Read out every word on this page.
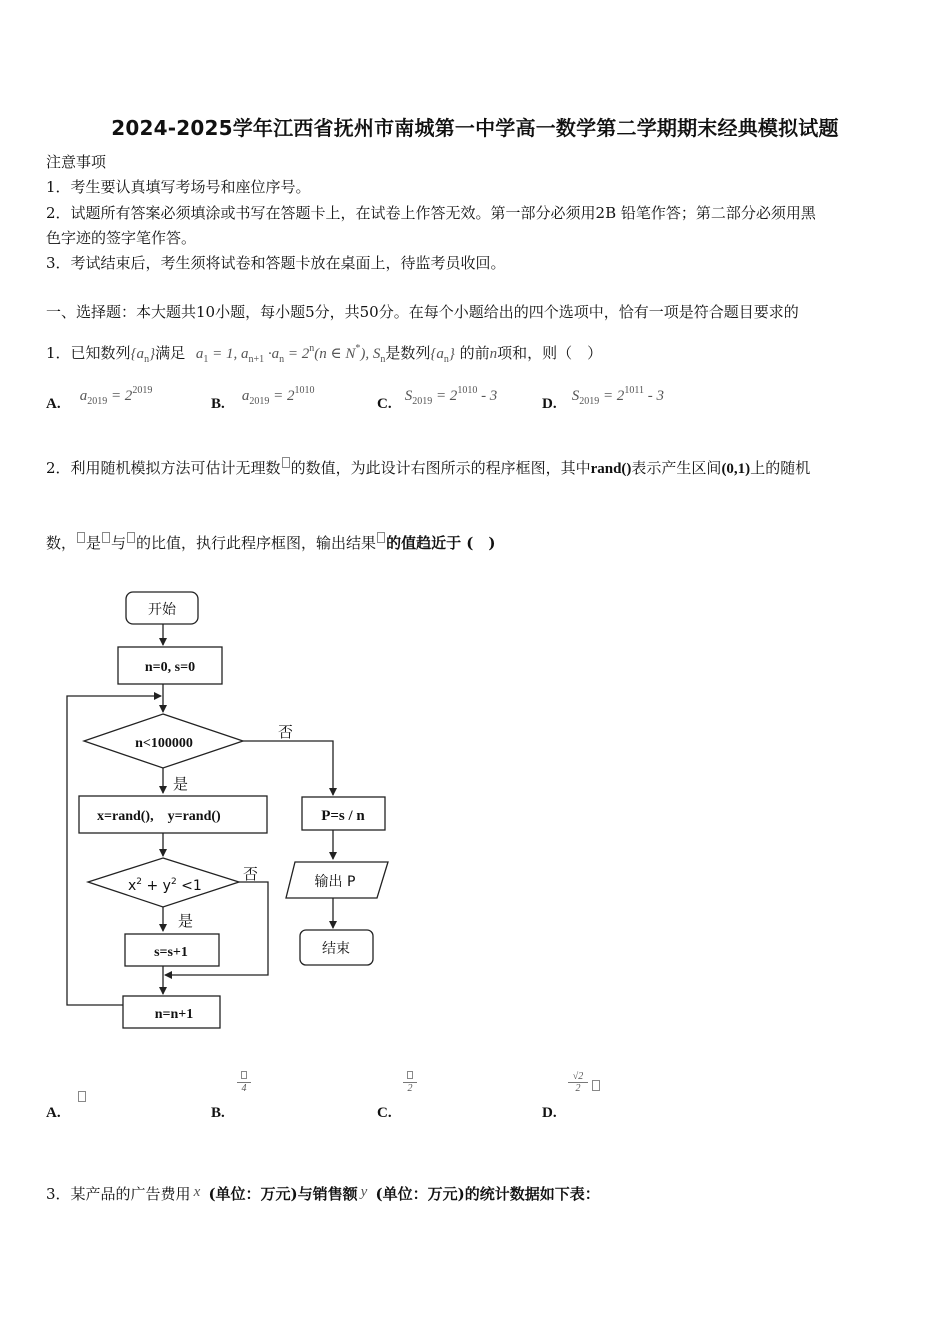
2024-2025学年江西省抚州市南城第一中学高一数学第二学期期末经典模拟试题
注意事项
1．考生要认真填写考场号和座位序号。
2．试题所有答案必须填涂或书写在答题卡上，在试卷上作答无效。第一部分必须用2B 铅笔作答；第二部分必须用黑
色字迹的签字笔作答。
3．考试结束后，考生须将试卷和答题卡放在桌面上，待监考员收回。
一、选择题：本大题共10小题，每小题5分，共50分。在每个小题给出的四个选项中，恰有一项是符合题目要求的
1．已知数列$\{a_n\}$满足 $a_1 = 1$, $a_{n+1} \cdot a_n = 2^n(n$ ∈ N*), $S_n$是数列$\{a_n\}$ 的前n项和，则（　）
A. $a_{2019} = 2^{2019}$
B. $a_{2019} = 2^{1010}$
C. $S_{2019} = 2^{1010} - 3$	D. $S_{2019} = 2^{1011} - 3$
2．利用随机模拟方法可估计无理数 的数值，为此设计右图所示的程序框图，其中rand()表示产生区间(0,1)上的随机
数， 是 与 的比值，执行此程序框图，输出结果 的值趋近于 (　)
开始
n=0, s=0
n<100000
否
是
x=rand(),　y=rand()
$x^2 + y^2 <1$
否
是
s=s+1
n=n+1
P=s / n
输出 P
结束
A.	B.
4
C.
2
D.
√2
2
3．某产品的广告费用 x (单位：万元)与销售额 y (单位：万元)的统计数据如下表：
